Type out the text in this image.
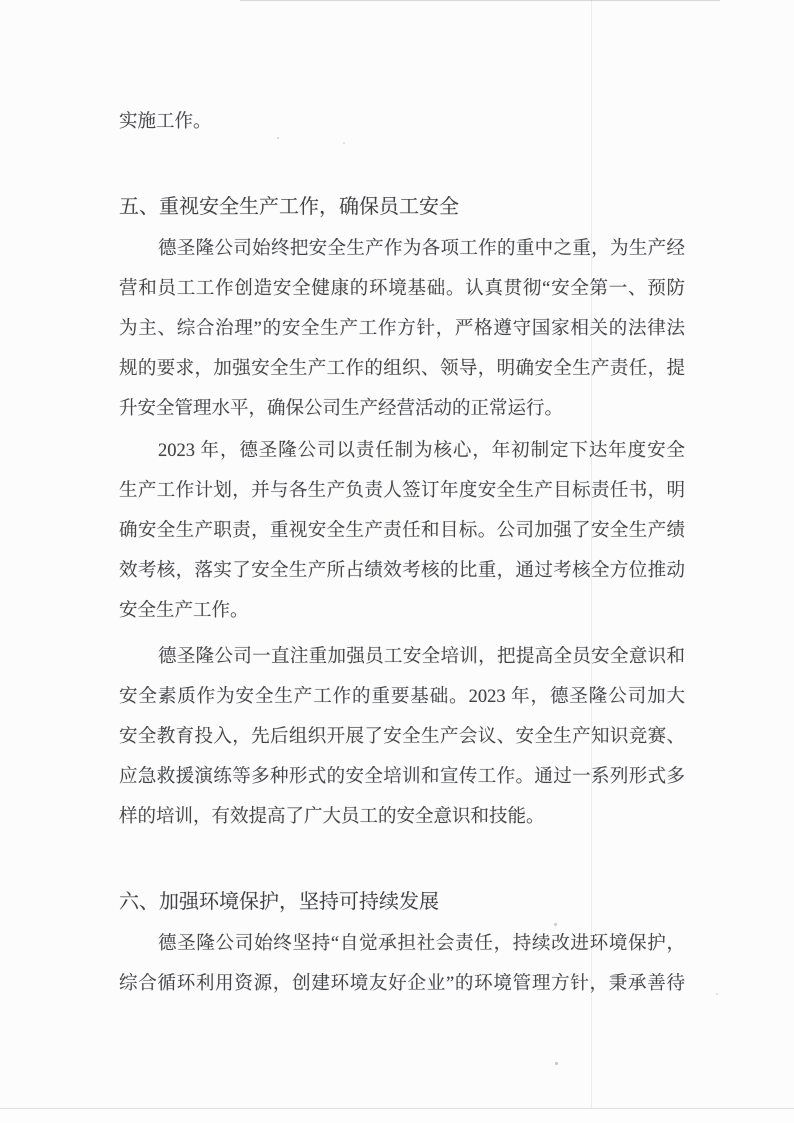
实施工作。
五、重视安全生产工作，确保员工安全
德圣隆公司始终把安全生产作为各项工作的重中之重，为生产经
营和员工工作创造安全健康的环境基础。认真贯彻“安全第一、预防
为主、综合治理”的安全生产工作方针，严格遵守国家相关的法律法
规的要求，加强安全生产工作的组织、领导，明确安全生产责任，提
升安全管理水平，确保公司生产经营活动的正常运行。
2023 年，德圣隆公司以责任制为核心，年初制定下达年度安全
生产工作计划，并与各生产负责人签订年度安全生产目标责任书，明
确安全生产职责，重视安全生产责任和目标。公司加强了安全生产绩
效考核，落实了安全生产所占绩效考核的比重，通过考核全方位推动
安全生产工作。
德圣隆公司一直注重加强员工安全培训，把提高全员安全意识和
安全素质作为安全生产工作的重要基础。2023 年，德圣隆公司加大
安全教育投入，先后组织开展了安全生产会议、安全生产知识竞赛、
应急救援演练等多种形式的安全培训和宣传工作。通过一系列形式多
样的培训，有效提高了广大员工的安全意识和技能。
六、加强环境保护，坚持可持续发展
德圣隆公司始终坚持“自觉承担社会责任，持续改进环境保护，
综合循环利用资源，创建环境友好企业”的环境管理方针，秉承善待
